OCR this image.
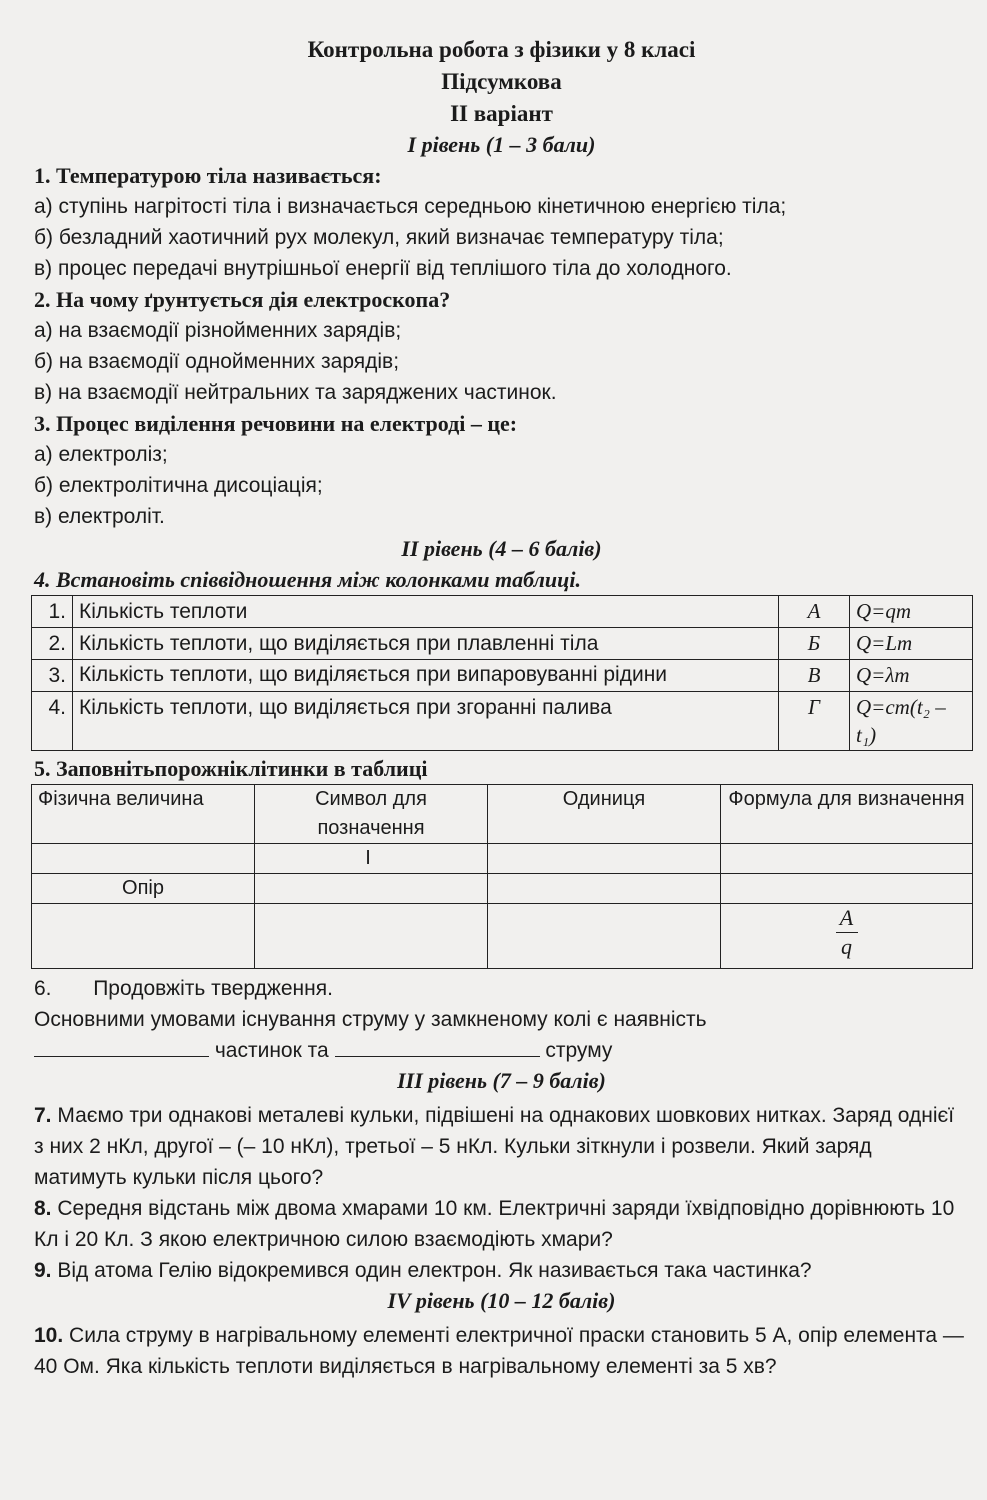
Контрольна робота з фізики у 8 класі
Підсумкова
ІІ варіант
І рівень (1 – 3 бали)
1. Температурою тіла називається:
а) ступінь нагрітості тіла і визначається середньою кінетичною енергією тіла;
б) безладний хаотичний рух молекул, який визначає температуру тіла;
в) процес передачі внутрішньої енергії від теплішого тіла до холодного.
2. На чому ґрунтується дія електроскопа?
а) на взаємодії різнойменних зарядів;
б) на взаємодії однойменних зарядів;
в) на взаємодії нейтральних та заряджених частинок.
3. Процес виділення речовини на електроді – це:
а) електроліз;
б) електролітична дисоціація;
в) електроліт.
ІІ рівень (4 – 6 балів)
4. Встановіть співвідношення між колонками таблиці.
1.	Кількість теплоти	А	Q=qm
2.	Кількість теплоти, що виділяється при плавленні тіла	Б	Q=Lm
3.	Кількість теплоти, що виділяється при випаровуванні рідини	В	Q=λm
4.	Кількість теплоти, що виділяється при згоранні палива	Г	Q=cm(t₂ – t₁)
5. Заповнітьпорожніклітинки в таблиці
Фізична величина	Символ для позначення	Одиниця	Формула для визначення
	I		
Опір			

			$\frac{A}{q}$
6. Продовжіть твердження.
Основними умовами існування струму у замкненому колі є наявність
частинок та	струму
ІІІ рівень (7 – 9 балів)
7. Маємо три однакові металеві кульки, підвішені на однакових шовкових нитках. Заряд однієї з них 2 нКл, другої – (– 10 нКл), третьої – 5 нКл. Кульки зіткнули і розвели. Який заряд матимуть кульки після цього?
8. Середня відстань між двома хмарами 10 км. Електричні заряди їхвідповідно дорівнюють 10 Кл і 20 Кл. З якою електричною силою взаємодіють хмари?
9. Від атома Гелію відокремився один електрон. Як називається така частинка?
IV рівень (10 – 12 балів)
10. Сила струму в нагрівальному елементі електричної праски становить 5 А, опір елемента — 40 Ом. Яка кількість теплоти виділяється в нагрівальному елементі за 5 хв?
